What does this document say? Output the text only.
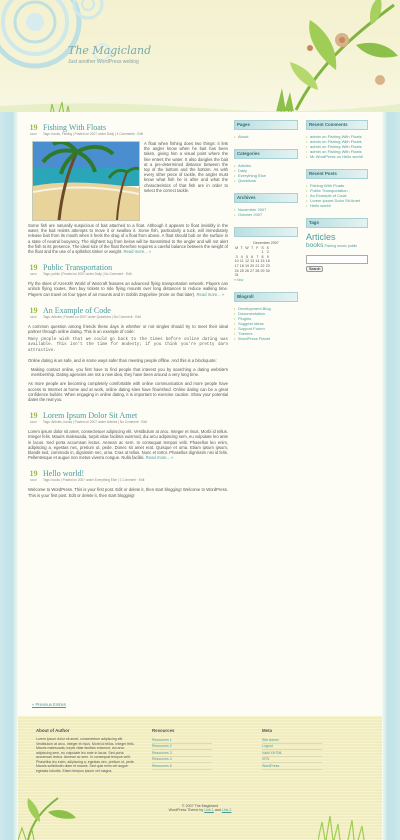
The Magicland
Just another WordPress weblog
19
NOV
Fishing With Floats
Tags: books, Fishing | Posted on 2007 under Daily | 4 Comments · Edit

A float when fishing does two things: it lets the angler know when he bait has been taken, giving him a visual point where the line enters the water. It also dangles the bait at a pre-determined distance between the top of the bottom and the bottom. As with every other piece of tackle, the angler must know what fish he is after and what the characteristics of that fish are in order to select the correct tackle.

Some fish are naturally suspicious of bait attached to a float. Although it appears to float invisibly in the water, the bait resists attempts to move it or swallow it. Some fish, particularly a tuck, will immediately release bait from its mouth when it feels the drag of a float from above. A float should bob on the surface in a state of neutral buoyancy. The slightest tug from below will be transmitted to the angler and will not alert the fish to its presence. The ideal size of the float therefore requires a careful balance between the weight of the float and the use of a splitshot sinker or weight. Read more... »

19
NOV
Public Transportation
Tags: public | Posted on 2007 under Daily | No Comment · Edit

Fly the skies of Azeroth! World of Warcraft features an advanced flying transportation network. Players can unlock flying routes, then buy tickets to ride flying mounts over long distances to reduce walking time. Players can travel on four types of air mounts and in Goblin Zeppeline (more on that later). Read more... »

19
NOV
An Example of Code
Tags: Articles | Posted on 2007 under Questions | No Comment · Edit

A common question among friends these days is whether or not singles should try to meet their ideal partner through online dating. This is an example of code:

Many people wish that we could go back to the times before online dating was available. This isn't the time for modesty; if you think you're pretty darn attractive.

Online dating is as safe, and in some ways safer than meeting people offline. And this is a blockquote:

Making contact online, you first have to find people that interest you by searching a dating website's membership. Dating agencies are not a new idea, they have been around a very long time.

As more people are becoming completely comfortable with online communication and more people have access to Internet at home and at work, online dating sites have flourished. Online dating can be a great confidence builder. When engaging in online dating, it is important to exercise caution. Show your potential dates the real you.

19
NOV
Lorem Ipsum Dolor Sit Amet
Tags: Articles, books | Posted on 2007 under Articles | No Comment · Edit

Lorem ipsum dolor sit amet, consectetuer adipiscing elit. Vestibulum at arcu. Integer et risus. Morbi id tellus. Integer felis. Mauris malesuada, turpis vitae facilisis euismod, dui arcu adipiscing sem, eu vulputate leo ante in lacus. Sed porta accumsan lectus. Aenean ac sem. In consequat tempus velit. Phasellus leo enim, adipiscing a, egestas nec, pretium ut, pede. Donec sit amet erat. Quisque et urna. Etiam ipsum ipsum, blandit sed, commodo in, dignissim nec, urna. Cras ut tellus. Nunc et tortor. Phasellus dignissim nisi id felis. Pellentesque et augue non metus viverra congue. Nulla facilisi. Read more... »

19
NOV
Hello world!
Tags: books | Posted on 2007 under Everything Else | 1 Comment · Edit

Welcome to WordPress. This is your first post. Edit or delete it, then start blogging! Welcome to WordPress. This is your first post. Edit or delete it, then start blogging!

« Previous Entries
Pages
• About
Categories
• Articles
• Daily
• Everything Else
• Questions
Archives
• November 2007
• October 2007
December 2007
M	T	W	T	F	S	S
					1	2
3	4	5	6	7	8	9
10	11	12	13	14	15	16
17	18	19	20	21	22	23
24	25	26	27	28	29	30
31						
« Nov
Blogroll
• Development Blog
• Documentation
• Plugins
• Suggest Ideas
• Support Forum
• Themes
• WordPress Planet
Recent Comments
• admin on Fishing With Floats
• admin on Fishing With Floats
• admin on Fishing With Floats
• admin on Fishing With Floats
• Mr WordPress on Hello world!
Recent Posts
• Fishing With Floats
• Public Transportation
• An Example of Code
• Lorem Ipsum Dolor Sit Amet
• Hello world!
Tags
Articles
books Fishing music public
Search
About of Author
Lorem ipsum dolor sit amet, consectetuer adipiscing elit. Vestibulum at arcu. Integer et risus. Morbi id tellus. Integer felis. Mauris malesuada, turpis vitae facilisis euismod, dui arcu adipiscing sem, eu vulputate leo ante in lacus. Sed porta accumsan lectus. Aenean ac sem. In consequat tempus velit. Phasellus leo enim, adipiscing a, egestas nec, pretium ut, pede. Mauris sollicitudin diam et mauris. Sed quis enim vel augue egestas lobortis. Etiam tempus ipsum vel magna.
Resources
Resources 1
Resources 2
Resources 3
Resources 4
Resources 5
Meta
Site Admin
Logout
Valid XHTML
XFN
WordPress
© 2007 The Magicland
WordPress Theme by Link 1 and Link 2
